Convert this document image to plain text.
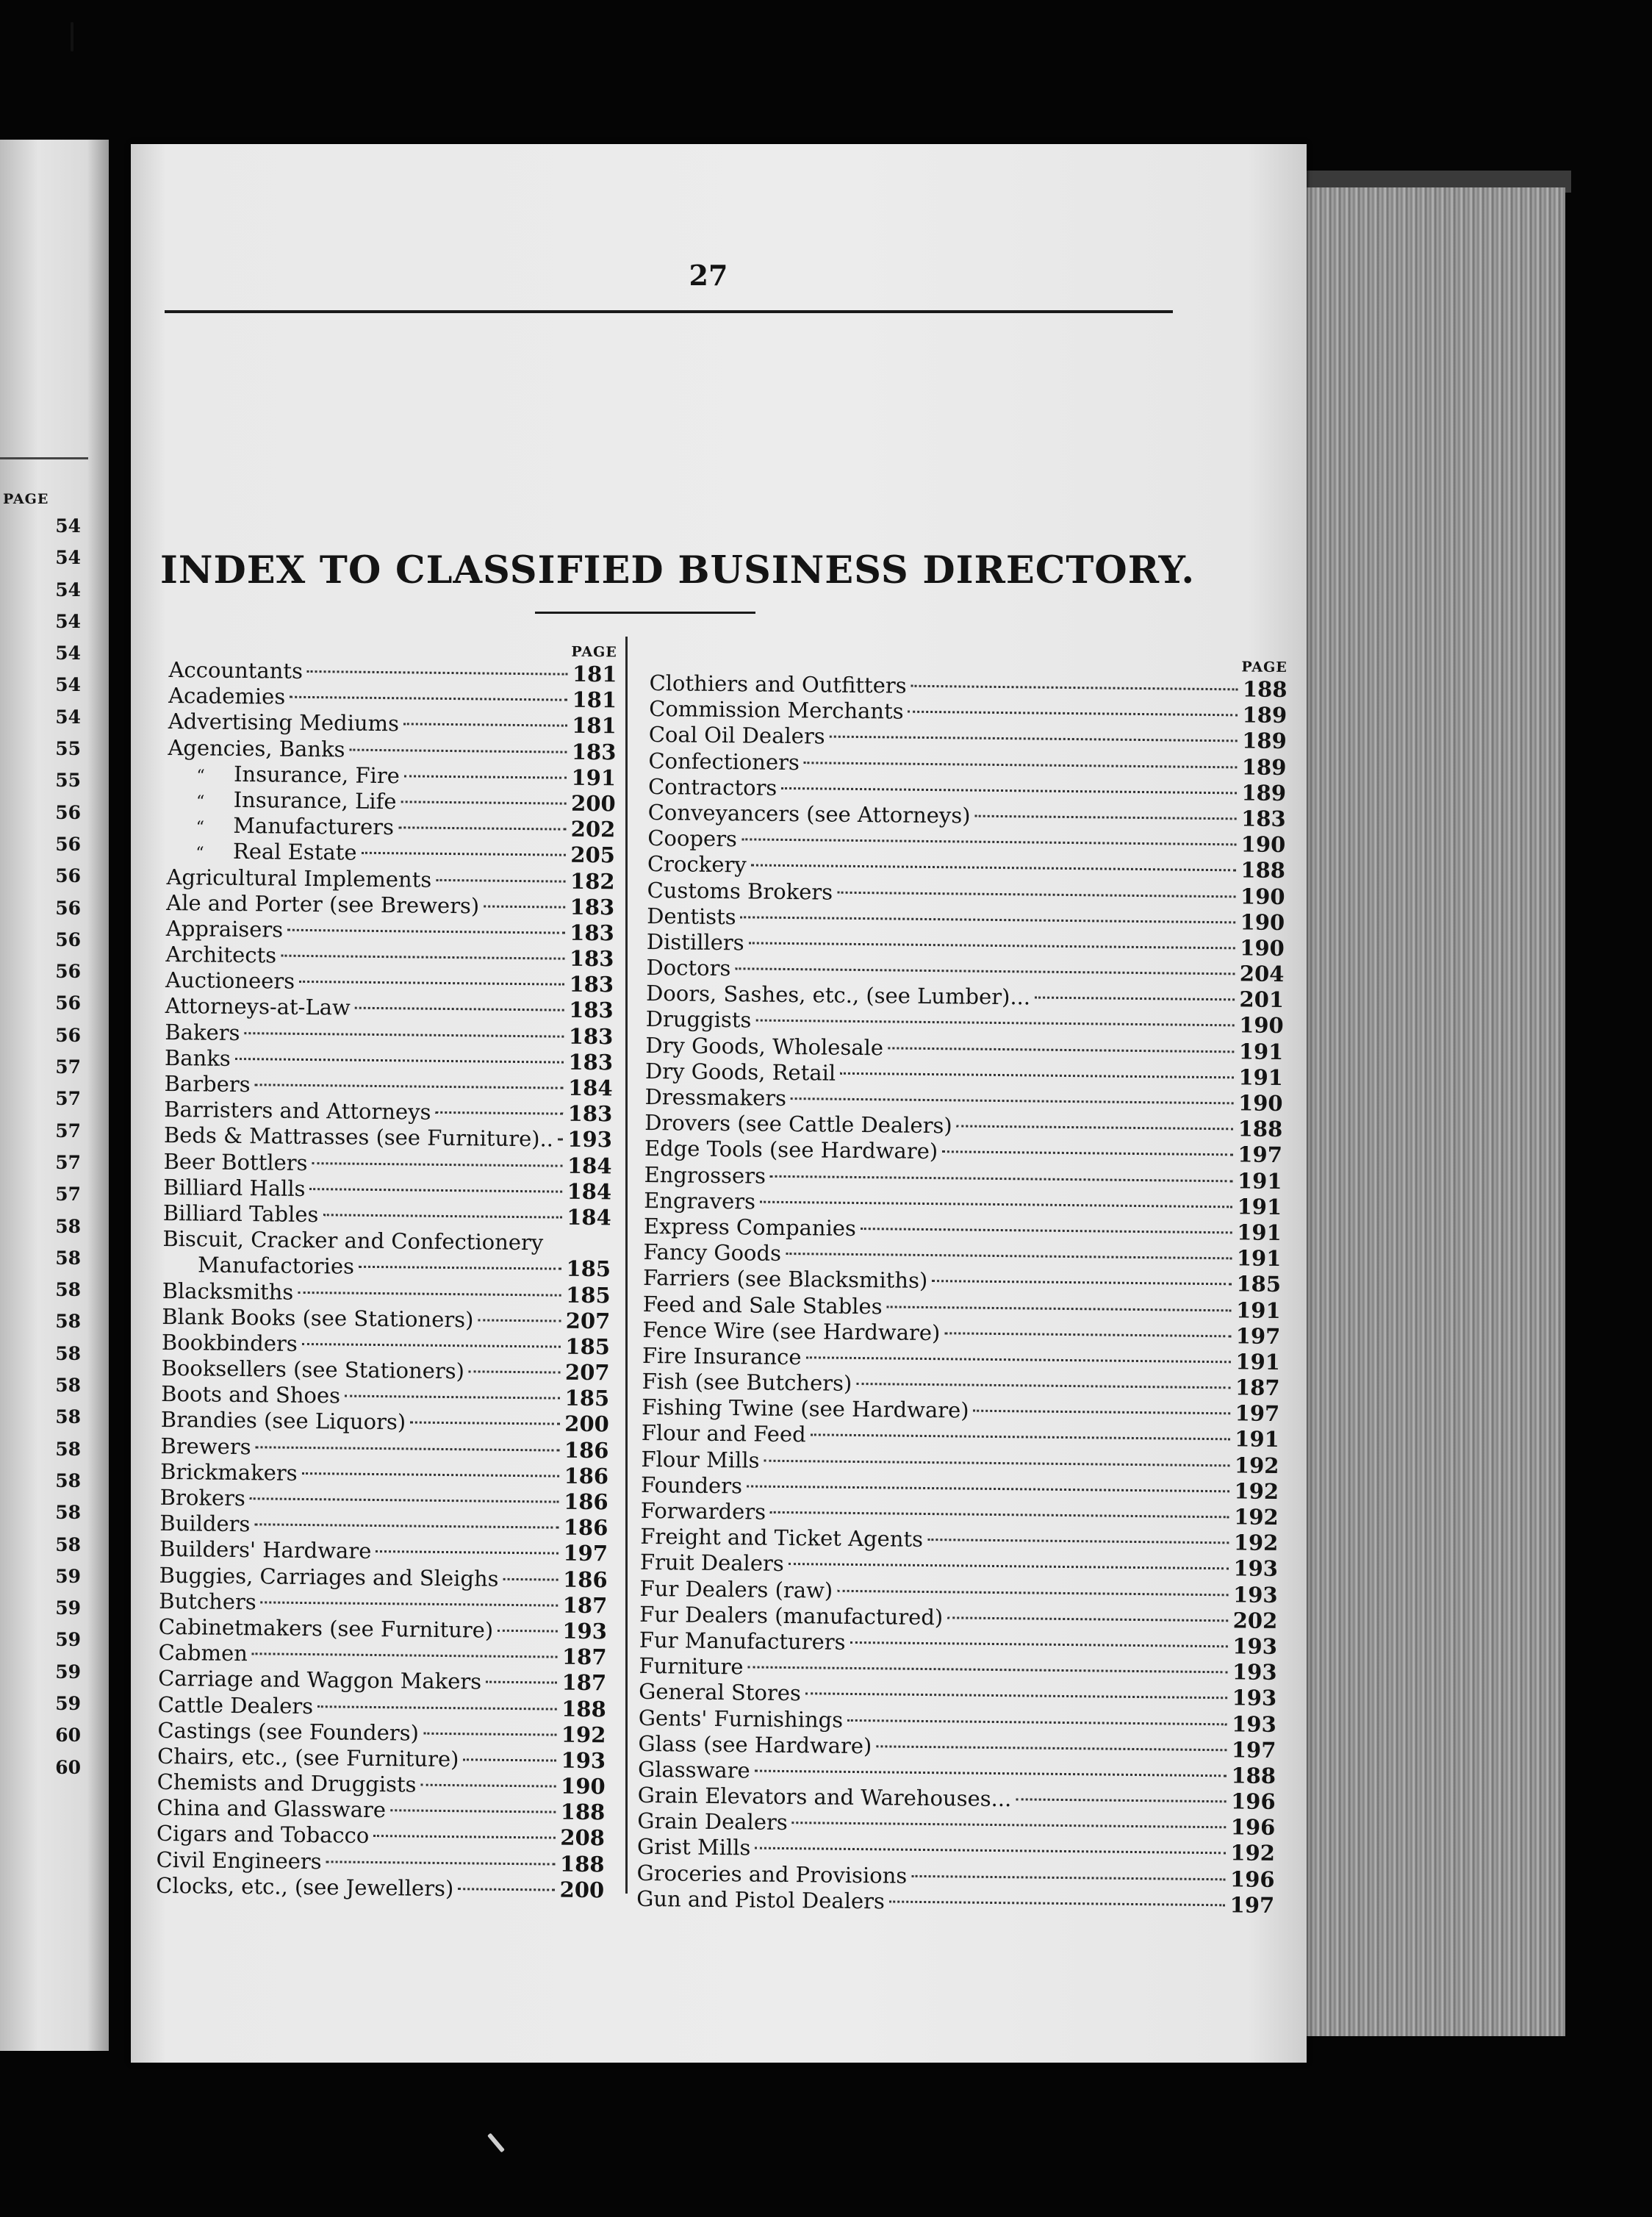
PAGE
54
54
54
54
54
54
54
55
55
56
56
56
56
56
56
56
56
57
57
57
57
57
58
58
58
58
58
58
58
58
58
58
58
59
59
59
59
59
60
60
27
INDEX TO CLASSIFIED BUSINESS DIRECTORY.
PAGE
Accountants	181
Academies	181
Advertising Mediums	181
Agencies, Banks	183
“	Insurance, Fire	191
“	Insurance, Life	200
“	Manufacturers	202
“	Real Estate	205
Agricultural Implements	182
Ale and Porter (see Brewers)	183
Appraisers	183
Architects	183
Auctioneers	183
Attorneys-at-Law	183
Bakers	183
Banks	183
Barbers	184
Barristers and Attorneys	183
Beds & Mattrasses (see Furniture).. 193
Beer Bottlers	184
Billiard Halls	184
Billiard Tables	184
Biscuit, Cracker and Confectionery
Manufactories	185
Blacksmiths	185
Blank Books (see Stationers)	207
Bookbinders	185
Booksellers (see Stationers)	207
Boots and Shoes	185
Brandies (see Liquors)	200
Brewers	186
Brickmakers	186
Brokers	186
Builders	186
Builders' Hardware	197
Buggies, Carriages and Sleighs	186
Butchers	187
Cabinetmakers (see Furniture)	193
Cabmen	187
Carriage and Waggon Makers	187
Cattle Dealers	188
Castings (see Founders)	192
Chairs, etc., (see Furniture)	193
Chemists and Druggists	190
China and Glassware	188
Cigars and Tobacco	208
Civil Engineers	188
Clocks, etc., (see Jewellers)	200
PAGE
Clothiers and Outfitters	188
Commission Merchants	189
Coal Oil Dealers	189
Confectioners	189
Contractors	189
Conveyancers (see Attorneys)	183
Coopers	190
Crockery	188
Customs Brokers	190
Dentists	190
Distillers	190
Doctors	204
Doors, Sashes, etc., (see Lumber)...	201
Druggists	190
Dry Goods, Wholesale	191
Dry Goods, Retail	191
Dressmakers	190
Drovers (see Cattle Dealers)	188
Edge Tools (see Hardware)	197
Engrossers	191
Engravers	191
Express Companies	191
Fancy Goods	191
Farriers (see Blacksmiths)	185
Feed and Sale Stables	191
Fence Wire (see Hardware)	197
Fire Insurance	191
Fish (see Butchers)	187
Fishing Twine (see Hardware)	197
Flour and Feed	191
Flour Mills	192
Founders	192
Forwarders	192
Freight and Ticket Agents	192
Fruit Dealers	193
Fur Dealers (raw)	193
Fur Dealers (manufactured)	202
Fur Manufacturers	193
Furniture	193
General Stores	193
Gents' Furnishings	193
Glass (see Hardware)	197
Glassware	188
Grain Elevators and Warehouses...	196
Grain Dealers	196
Grist Mills	192
Groceries and Provisions	196
Gun and Pistol Dealers	197
